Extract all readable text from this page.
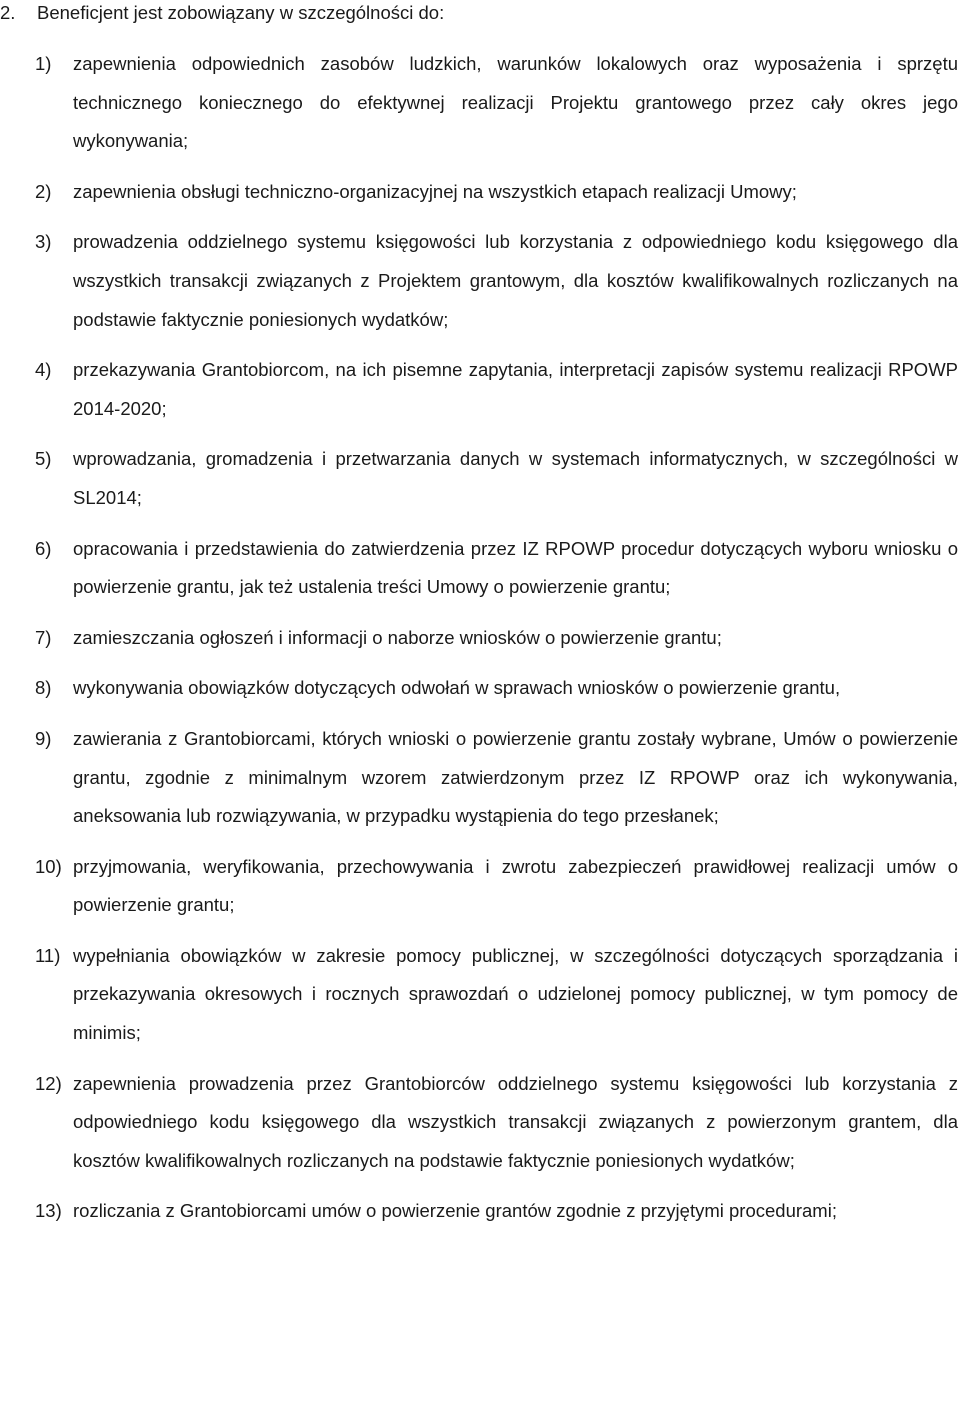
2. Beneficjent jest zobowiązany w szczególności do:
1) zapewnienia odpowiednich zasobów ludzkich, warunków lokalowych oraz wyposażenia i sprzętu technicznego koniecznego do efektywnej realizacji Projektu grantowego przez cały okres jego wykonywania;
2) zapewnienia obsługi techniczno-organizacyjnej na wszystkich etapach realizacji Umowy;
3) prowadzenia oddzielnego systemu księgowości lub korzystania z odpowiedniego kodu księgowego dla wszystkich transakcji związanych z Projektem grantowym, dla kosztów kwalifikowalnych rozliczanych na podstawie faktycznie poniesionych wydatków;
4) przekazywania Grantobiorcom, na ich pisemne zapytania, interpretacji zapisów systemu realizacji RPOWP 2014-2020;
5) wprowadzania, gromadzenia i przetwarzania danych w systemach informatycznych, w szczególności w SL2014;
6) opracowania i przedstawienia do zatwierdzenia przez IZ RPOWP procedur dotyczących wyboru wniosku o powierzenie grantu, jak też ustalenia treści Umowy o powierzenie grantu;
7) zamieszczania ogłoszeń i informacji o naborze wniosków o powierzenie grantu;
8) wykonywania obowiązków dotyczących odwołań w sprawach wniosków o powierzenie grantu,
9) zawierania z Grantobiorcami, których wnioski o powierzenie grantu zostały wybrane, Umów o powierzenie grantu, zgodnie z minimalnym wzorem zatwierdzonym przez IZ RPOWP oraz ich wykonywania, aneksowania lub rozwiązywania, w przypadku wystąpienia do tego przesłanek;
10) przyjmowania, weryfikowania, przechowywania i zwrotu zabezpieczeń prawidłowej realizacji umów o powierzenie grantu;
11) wypełniania obowiązków w zakresie pomocy publicznej, w szczególności dotyczących sporządzania i przekazywania okresowych i rocznych sprawozdań o udzielonej pomocy publicznej, w tym pomocy de minimis;
12) zapewnienia prowadzenia przez Grantobiorców oddzielnego systemu księgowości lub korzystania z odpowiedniego kodu księgowego dla wszystkich transakcji związanych z powierzonym grantem, dla kosztów kwalifikowalnych rozliczanych na podstawie faktycznie poniesionych wydatków;
13) rozliczania z Grantobiorcami umów o powierzenie grantów zgodnie z przyjętymi procedurami;
